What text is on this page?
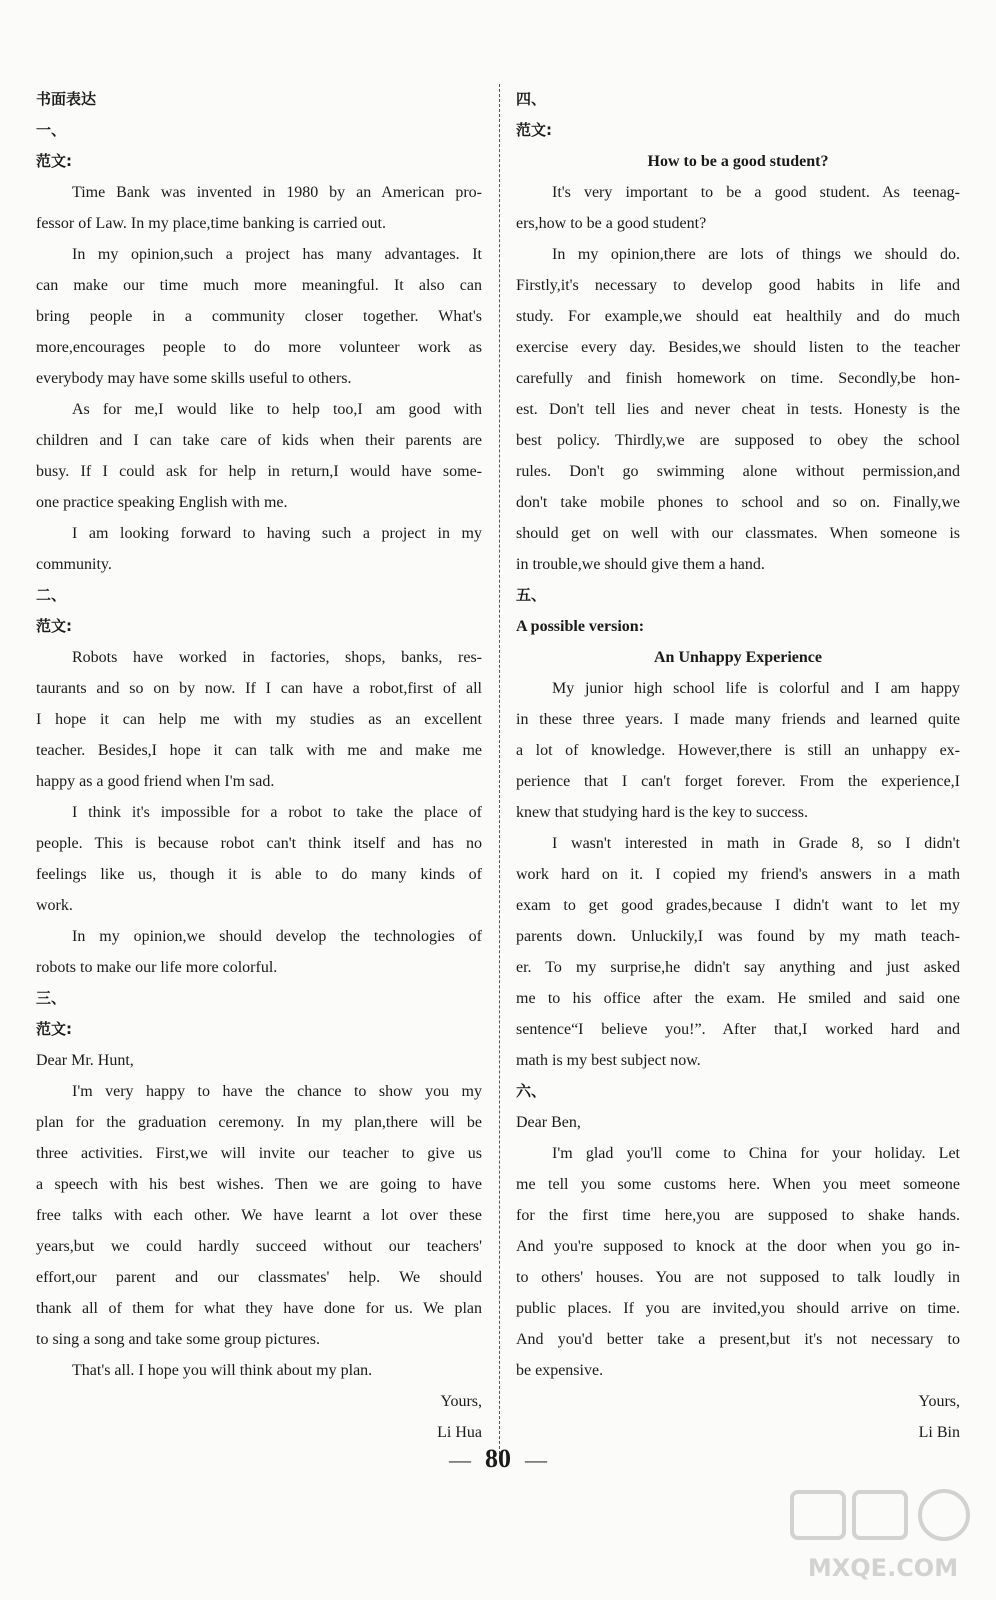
书面表达
一、
范文:
Time Bank was invented in 1980 by an American pro-
fessor of Law. In my place,time banking is carried out.
In my opinion,such a project has many advantages. It
can make our time much more meaningful. It also can
bring people in a community closer together. What's
more,encourages people to do more volunteer work as
everybody may have some skills useful to others.
As for me,I would like to help too,I am good with
children and I can take care of kids when their parents are
busy. If I could ask for help in return,I would have some-
one practice speaking English with me.
I am looking forward to having such a project in my
community.
二、
范文:
Robots have worked in factories, shops, banks, res-
taurants and so on by now. If I can have a robot,first of all
I hope it can help me with my studies as an excellent
teacher. Besides,I hope it can talk with me and make me
happy as a good friend when I'm sad.
I think it's impossible for a robot to take the place of
people. This is because robot can't think itself and has no
feelings like us, though it is able to do many kinds of
work.
In my opinion,we should develop the technologies of
robots to make our life more colorful.
三、
范文:
Dear Mr. Hunt,
I'm very happy to have the chance to show you my
plan for the graduation ceremony. In my plan,there will be
three activities. First,we will invite our teacher to give us
a speech with his best wishes. Then we are going to have
free talks with each other. We have learnt a lot over these
years,but we could hardly succeed without our teachers'
effort,our parent and our classmates' help. We should
thank all of them for what they have done for us. We plan
to sing a song and take some group pictures.
That's all. I hope you will think about my plan.
Yours,
Li Hua
四、
范文:
How to be a good student?
It's very important to be a good student. As teenag-
ers,how to be a good student?
In my opinion,there are lots of things we should do.
Firstly,it's necessary to develop good habits in life and
study. For example,we should eat healthily and do much
exercise every day. Besides,we should listen to the teacher
carefully and finish homework on time. Secondly,be hon-
est. Don't tell lies and never cheat in tests. Honesty is the
best policy. Thirdly,we are supposed to obey the school
rules. Don't go swimming alone without permission,and
don't take mobile phones to school and so on. Finally,we
should get on well with our classmates. When someone is
in trouble,we should give them a hand.
五、
A possible version:
An Unhappy Experience
My junior high school life is colorful and I am happy
in these three years. I made many friends and learned quite
a lot of knowledge. However,there is still an unhappy ex-
perience that I can't forget forever. From the experience,I
knew that studying hard is the key to success.
I wasn't interested in math in Grade 8, so I didn't
work hard on it. I copied my friend's answers in a math
exam to get good grades,because I didn't want to let my
parents down. Unluckily,I was found by my math teach-
er. To my surprise,he didn't say anything and just asked
me to his office after the exam. He smiled and said one
sentence“I believe you!”. After that,I worked hard and
math is my best subject now.
六、
Dear Ben,
I'm glad you'll come to China for your holiday. Let
me tell you some customs here. When you meet someone
for the first time here,you are supposed to shake hands.
And you're supposed to knock at the door when you go in-
to others' houses. You are not supposed to talk loudly in
public places. If you are invited,you should arrive on time.
And you'd better take a present,but it's not necessary to
be expensive.
Yours,
Li Bin
— 80 —
MXQE.COM
